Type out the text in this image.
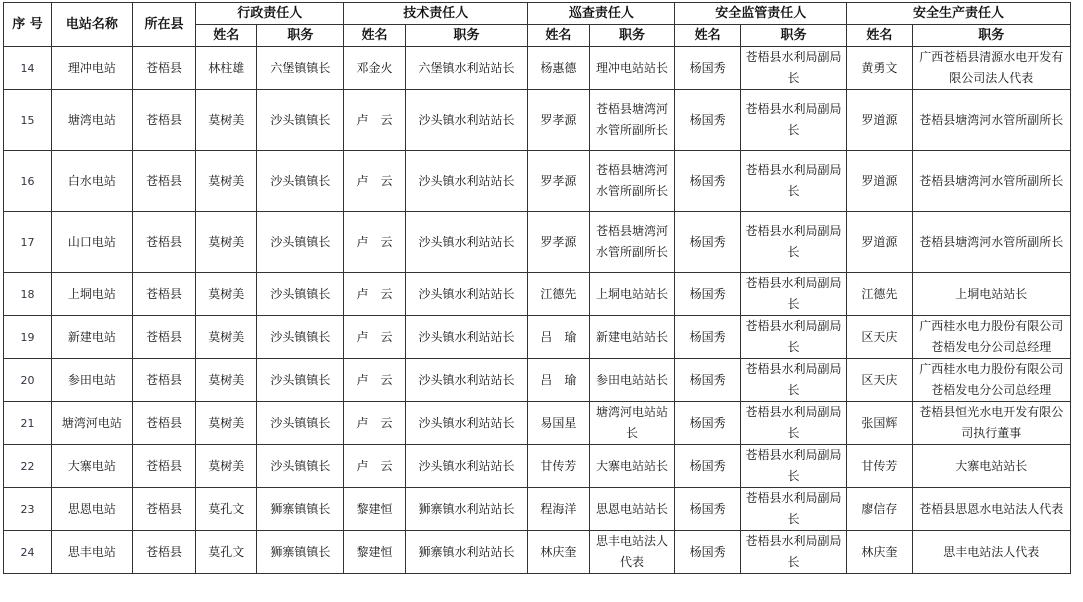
序 号	电站名称	所在县	行政责任人		技术责任人		巡查责任人		安全监管责任人		安全生产责任人	
			姓名	职务	姓名	职务	姓名	职务	姓名	职务	姓名	职务
14	理冲电站	苍梧县	林柱雄	六堡镇镇长	邓金火	六堡镇水利站站长	杨惠德	理冲电站站长	杨国秀	苍梧县水利局副局长	黄勇文	广西苍梧县清源水电开发有限公司法人代表
15	塘湾电站	苍梧县	莫树美	沙头镇镇长	卢　云	沙头镇水利站站长	罗孝源	苍梧县塘湾河水管所副所长	杨国秀	苍梧县水利局副局长	罗道源	苍梧县塘湾河水管所副所长
16	白水电站	苍梧县	莫树美	沙头镇镇长	卢　云	沙头镇水利站站长	罗孝源	苍梧县塘湾河水管所副所长	杨国秀	苍梧县水利局副局长	罗道源	苍梧县塘湾河水管所副所长
17	山口电站	苍梧县	莫树美	沙头镇镇长	卢　云	沙头镇水利站站长	罗孝源	苍梧县塘湾河水管所副所长	杨国秀	苍梧县水利局副局长	罗道源	苍梧县塘湾河水管所副所长
18	上垌电站	苍梧县	莫树美	沙头镇镇长	卢　云	沙头镇水利站站长	江德先	上垌电站站长	杨国秀	苍梧县水利局副局长	江德先	上垌电站站长
19	新建电站	苍梧县	莫树美	沙头镇镇长	卢　云	沙头镇水利站站长	吕　瑜	新建电站站长	杨国秀	苍梧县水利局副局长	区天庆	广西桂水电力股份有限公司苍梧发电分公司总经理
20	参田电站	苍梧县	莫树美	沙头镇镇长	卢　云	沙头镇水利站站长	吕　瑜	参田电站站长	杨国秀	苍梧县水利局副局长	区天庆	广西桂水电力股份有限公司苍梧发电分公司总经理
21	塘湾河电站	苍梧县	莫树美	沙头镇镇长	卢　云	沙头镇水利站站长	易国星	塘湾河电站站长	杨国秀	苍梧县水利局副局长	张国辉	苍梧县恒光水电开发有限公司执行董事
22	大寨电站	苍梧县	莫树美	沙头镇镇长	卢　云	沙头镇水利站站长	甘传芳	大寨电站站长	杨国秀	苍梧县水利局副局长	甘传芳	大寨电站站长
23	思恩电站	苍梧县	莫孔文	狮寨镇镇长	黎建恒	狮寨镇水利站站长	程海洋	思恩电站站长	杨国秀	苍梧县水利局副局长	廖信存	苍梧县思恩水电站法人代表
24	思丰电站	苍梧县	莫孔文	狮寨镇镇长	黎建恒	狮寨镇水利站站长	林庆奎	思丰电站法人代表	杨国秀	苍梧县水利局副局长	林庆奎	思丰电站法人代表
